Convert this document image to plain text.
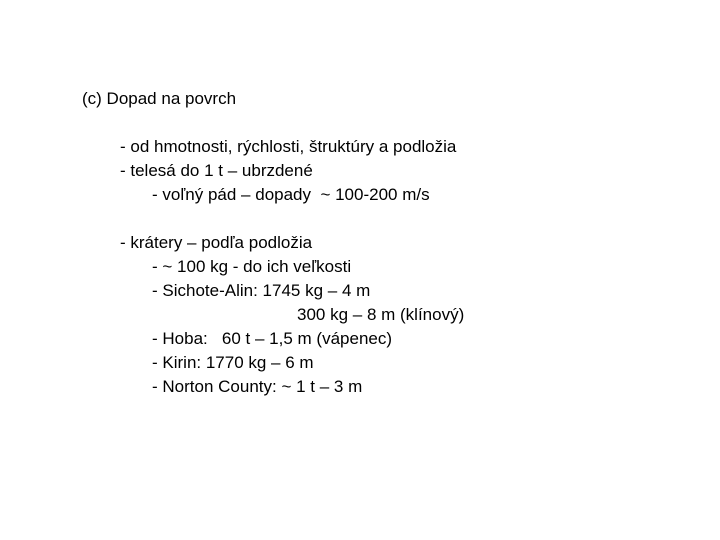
(c) Dopad na povrch
- od hmotnosti, rýchlosti, štruktúry a podložia
- telesá do 1 t – ubrzdené
- voľný pád – dopady  ~ 100-200 m/s
- krátery – podľa podložia
- ~ 100 kg - do ich veľkosti
- Sichote-Alin: 1745 kg – 4 m
300 kg – 8 m (klínový)
- Hoba:   60 t – 1,5 m (vápenec)
- Kirin: 1770 kg – 6 m
- Norton County: ~ 1 t – 3 m
